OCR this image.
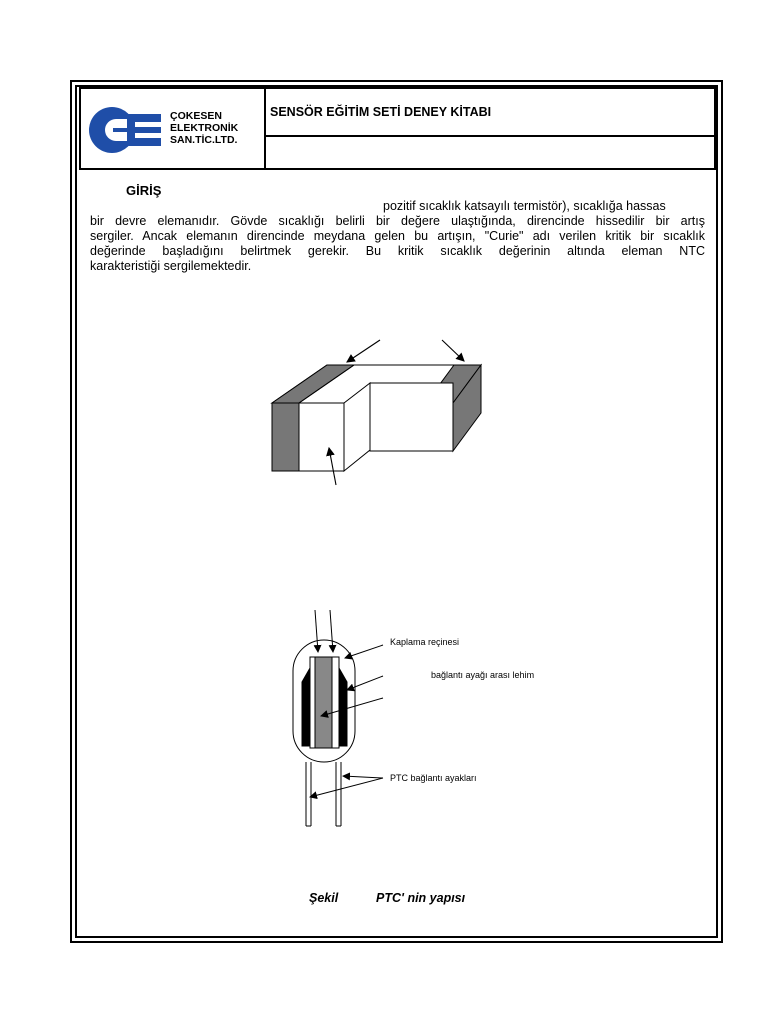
ÇOKESEN
ELEKTRONİK
SAN.TİC.LTD.
SENSÖR EĞİTİM SETİ DENEY KİTABI
GİRİŞ
pozitif sıcaklık katsayılı termistör), sıcaklığa hassas
bir devre elemanıdır. Gövde sıcaklığı belirli bir değere ulaştığında, direncinde hissedilir bir artış
sergiler. Ancak elemanın direncinde meydana gelen bu artışın, "Curie" adı verilen kritik bir sıcaklık
değerinde başladığını belirtmek gerekir. Bu kritik sıcaklık değerinin altında eleman NTC
karakteristiği sergilemektedir.
Kaplama reçinesi
bağlantı ayağı arası lehim
PTC bağlantı ayakları
Şekil	PTC' nin yapısı
